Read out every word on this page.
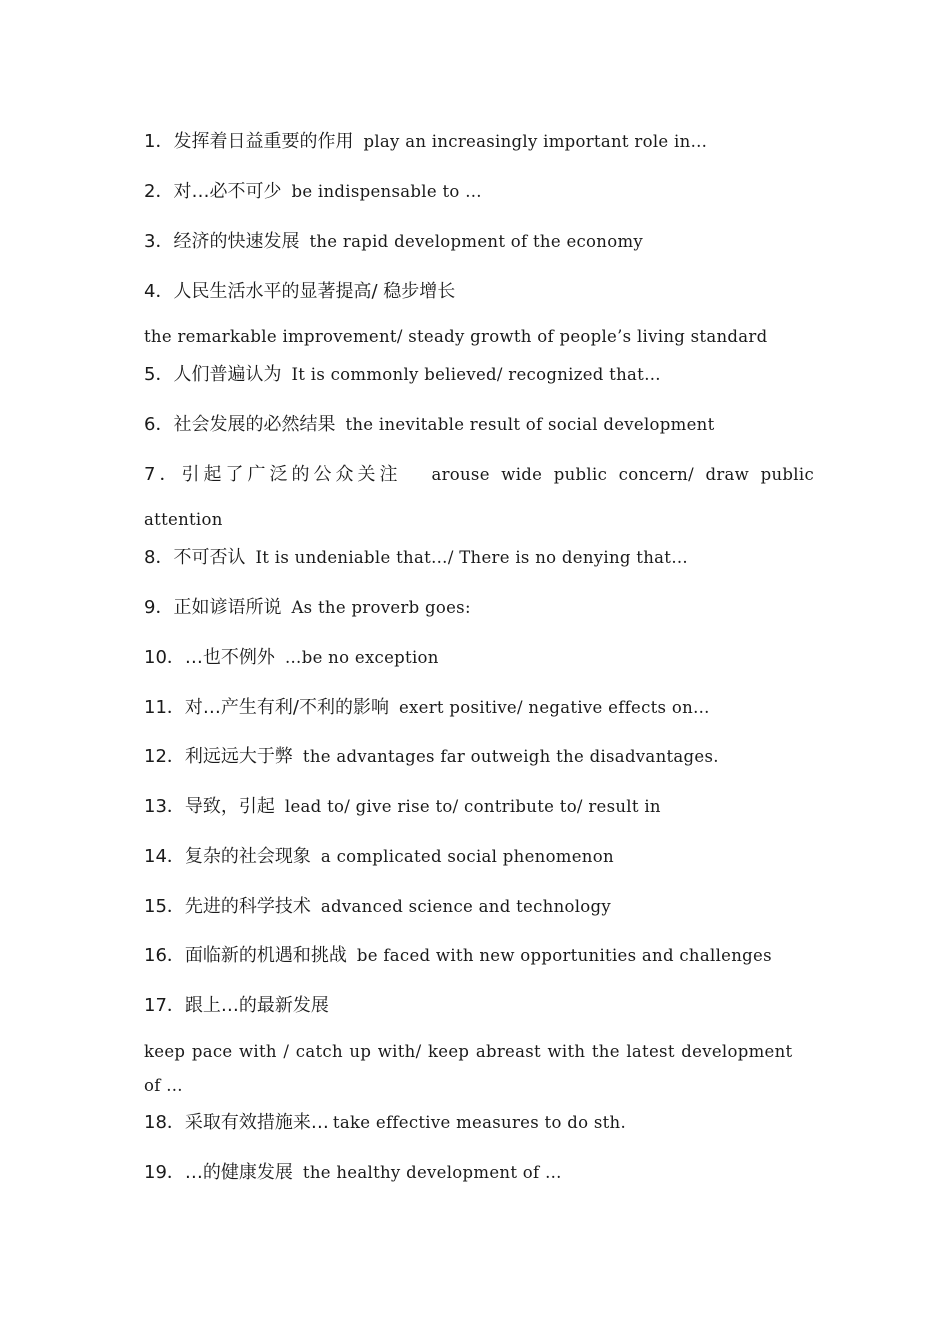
1．发挥着日益重要的作用 play an increasingly important role in…
2．对…必不可少 be indispensable to …
3．经济的快速发展 the rapid development of the economy
4．人民生活水平的显著提高/ 稳步增长
the remarkable improvement/ steady growth of people’s living standard
5．人们普遍认为 It is commonly believed/ recognized that…
6．社会发展的必然结果 the inevitable result of social development
7．引起了广泛的公众关注 arouse wide public concern/ draw public
attention
8．不可否认 It is undeniable that…/ There is no denying that…
9．正如谚语所说 As the proverb goes:
10．…也不例外 …be no exception
11．对…产生有利/不利的影响 exert positive/ negative effects on…
12．利远远大于弊 the advantages far outweigh the disadvantages.
13．导致，引起 lead to/ give rise to/ contribute to/ result in
14．复杂的社会现象 a complicated social phenomenon
15．先进的科学技术 advanced science and technology
16．面临新的机遇和挑战 be faced with new opportunities and challenges
17．跟上…的最新发展
keep pace with / catch up with/ keep abreast with the latest development
of …
18．采取有效措施来… take effective measures to do sth.
19．…的健康发展 the healthy development of …
